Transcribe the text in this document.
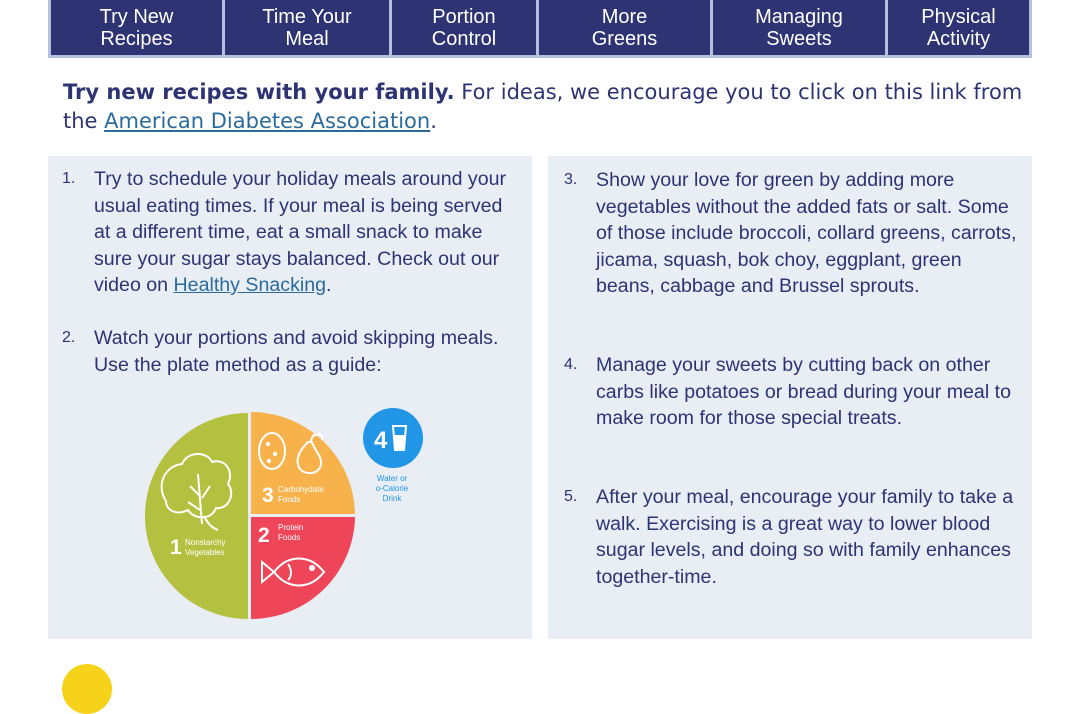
Try New
Recipes
Time Your
Meal
Portion
Control
More
Greens
Managing
Sweets
Physical
Activity
Try new recipes with your family. For ideas, we encourage you to click on this link from the American Diabetes Association.
1. Try to schedule your holiday meals around your usual eating times. If your meal is being served at a different time, eat a small snack to make sure your sugar stays balanced. Check out our video on Healthy Snacking.
2. Watch your portions and avoid skipping meals. Use the plate method as a guide:
1 Nonstarchy
Vegetables
3 Carbohydate
Foods
2 Protein
Foods
4
Water or
o-Calorie
Drink
3. Show your love for green by adding more vegetables without the added fats or salt. Some of those include broccoli, collard greens, carrots, jicama, squash, bok choy, eggplant, green beans, cabbage and Brussel sprouts.
4. Manage your sweets by cutting back on other carbs like potatoes or bread during your meal to make room for those special treats.
5. After your meal, encourage your family to take a walk. Exercising is a great way to lower blood sugar levels, and doing so with family enhances together-time.
